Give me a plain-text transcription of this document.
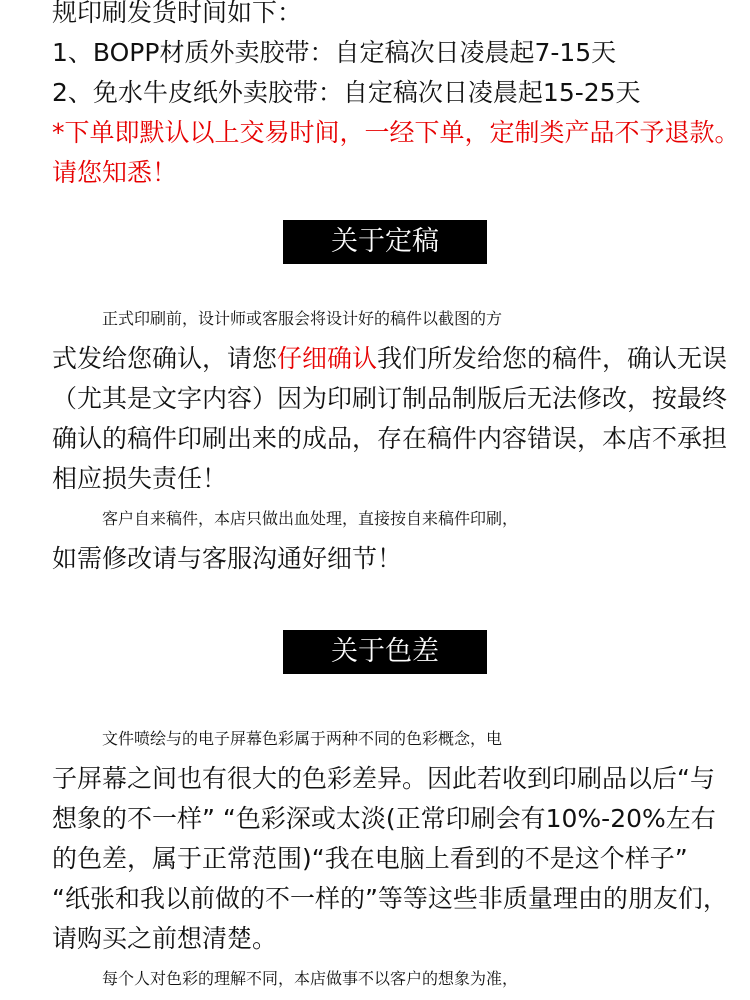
规印刷发货时间如下：
1、BOPP材质外卖胶带：自定稿次日凌晨起7-15天
2、免水牛皮纸外卖胶带：自定稿次日凌晨起15-25天
*下单即默认以上交易时间，一经下单，定制类产品不予退款。
请您知悉！
关于定稿
正式印刷前，设计师或客服会将设计好的稿件以截图的方
式发给您确认，请您仔细确认我们所发给您的稿件，确认无误
（尤其是文字内容）因为印刷订制品制版后无法修改，按最终
确认的稿件印刷出来的成品，存在稿件内容错误，本店不承担
相应损失责任！
客户自来稿件，本店只做出血处理，直接按自来稿件印刷，
如需修改请与客服沟通好细节！
关于色差
文件喷绘与的电子屏幕色彩属于两种不同的色彩概念，电
子屏幕之间也有很大的色彩差异。因此若收到印刷品以后“与
想象的不一样” “色彩深或太淡(正常印刷会有10%-20%左右
的色差，属于正常范围)“我在电脑上看到的不是这个样子”
“纸张和我以前做的不一样的”等等这些非质量理由的朋友们，
请购买之前想清楚。
每个人对色彩的理解不同，本店做事不以客户的想象为准，
